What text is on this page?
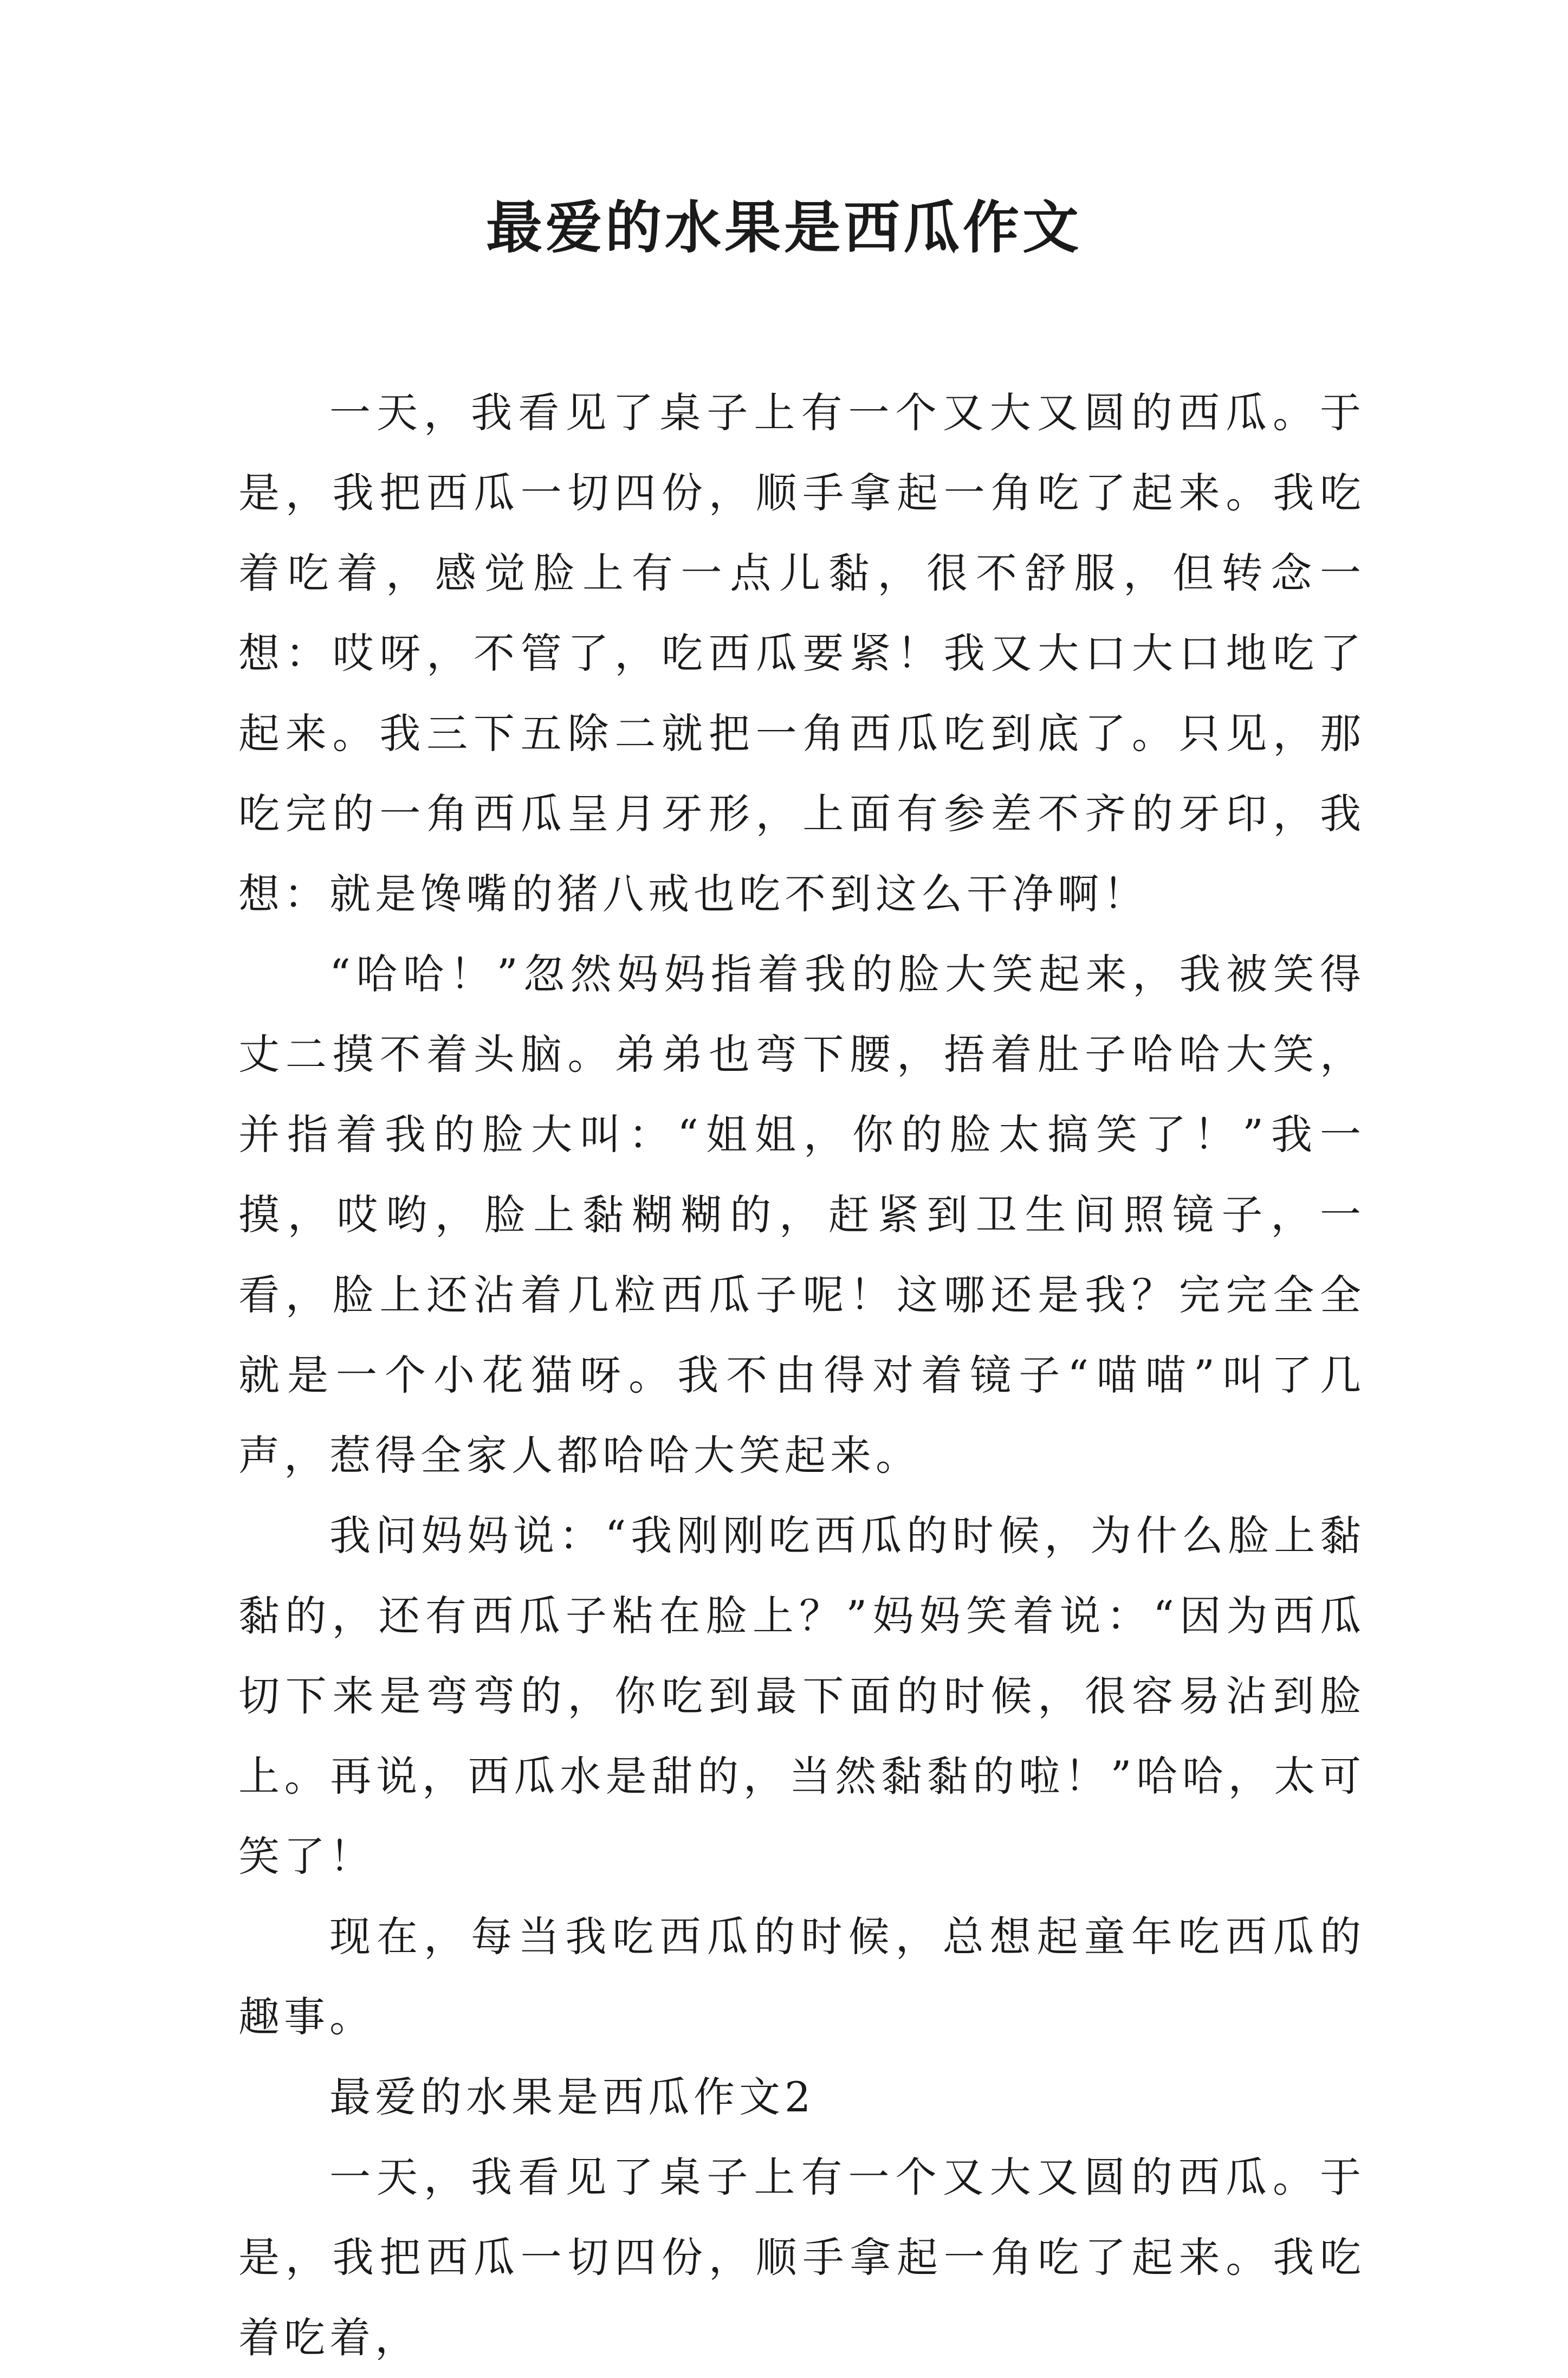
最爱的水果是西瓜作文

一天，我看见了桌子上有一个又大又圆的西瓜。于是，我把西瓜一切四份，顺手拿起一角吃了起来。我吃着吃着，感觉脸上有一点儿黏，很不舒服，但转念一想：哎呀，不管了，吃西瓜要紧！我又大口大口地吃了起来。我三下五除二就把一角西瓜吃到底了。只见，那吃完的一角西瓜呈月牙形，上面有参差不齐的牙印，我想：就是馋嘴的猪八戒也吃不到这么干净啊！

“哈哈！”忽然妈妈指着我的脸大笑起来，我被笑得丈二摸不着头脑。弟弟也弯下腰，捂着肚子哈哈大笑，并指着我的脸大叫：“姐姐，你的脸太搞笑了！”我一摸，哎哟，脸上黏糊糊的，赶紧到卫生间照镜子，一看，脸上还沾着几粒西瓜子呢！这哪还是我？完完全全就是一个小花猫呀。我不由得对着镜子“喵喵”叫了几声，惹得全家人都哈哈大笑起来。

我问妈妈说：“我刚刚吃西瓜的时候，为什么脸上黏黏的，还有西瓜子粘在脸上？”妈妈笑着说：“因为西瓜切下来是弯弯的，你吃到最下面的时候，很容易沾到脸上。再说，西瓜水是甜的，当然黏黏的啦！”哈哈，太可笑了！

现在，每当我吃西瓜的时候，总想起童年吃西瓜的趣事。

最爱的水果是西瓜作文2

一天，我看见了桌子上有一个又大又圆的西瓜。于是，我把西瓜一切四份，顺手拿起一角吃了起来。我吃着吃着，
